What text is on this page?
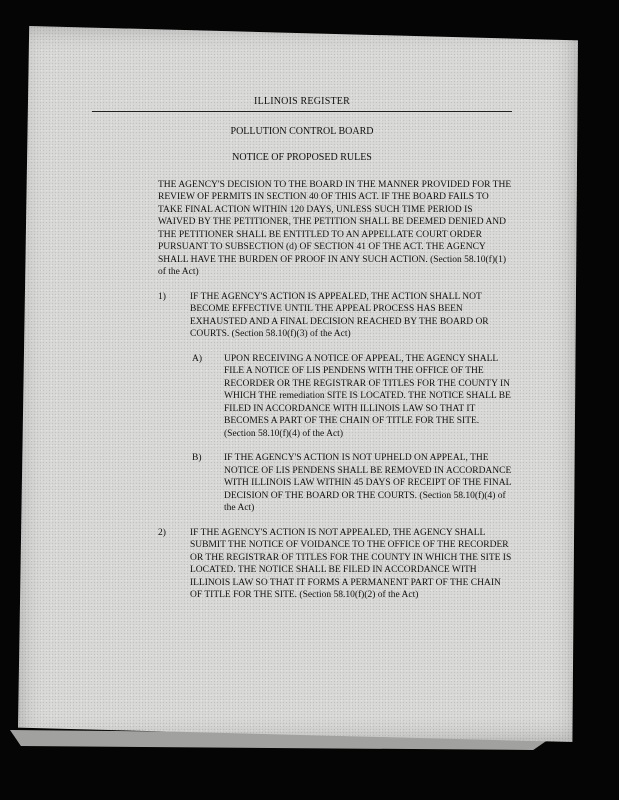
ILLINOIS REGISTER
POLLUTION CONTROL BOARD
NOTICE OF PROPOSED RULES
THE AGENCY'S DECISION TO THE BOARD IN THE MANNER PROVIDED FOR THE REVIEW OF PERMITS IN SECTION 40 OF THIS ACT. IF THE BOARD FAILS TO TAKE FINAL ACTION WITHIN 120 DAYS, UNLESS SUCH TIME PERIOD IS WAIVED BY THE PETITIONER, THE PETITION SHALL BE DEEMED DENIED AND THE PETITIONER SHALL BE ENTITLED TO AN APPELLATE COURT ORDER PURSUANT TO SUBSECTION (d) OF SECTION 41 OF THE ACT. THE AGENCY SHALL HAVE THE BURDEN OF PROOF IN ANY SUCH ACTION. (Section 58.10(f)(1) of the Act)
1)	IF THE AGENCY'S ACTION IS APPEALED, THE ACTION SHALL NOT BECOME EFFECTIVE UNTIL THE APPEAL PROCESS HAS BEEN EXHAUSTED AND A FINAL DECISION REACHED BY THE BOARD OR COURTS. (Section 58.10(f)(3) of the Act)
A) UPON RECEIVING A NOTICE OF APPEAL, THE AGENCY SHALL FILE A NOTICE OF LIS PENDENS WITH THE OFFICE OF THE RECORDER OR THE REGISTRAR OF TITLES FOR THE COUNTY IN WHICH THE remediation SITE IS LOCATED. THE NOTICE SHALL BE FILED IN ACCORDANCE WITH ILLINOIS LAW SO THAT IT BECOMES A PART OF THE CHAIN OF TITLE FOR THE SITE. (Section 58.10(f)(4) of the Act)
B) IF THE AGENCY'S ACTION IS NOT UPHELD ON APPEAL, THE NOTICE OF LIS PENDENS SHALL BE REMOVED IN ACCORDANCE WITH ILLINOIS LAW WITHIN 45 DAYS OF RECEIPT OF THE FINAL DECISION OF THE BOARD OR THE COURTS. (Section 58.10(f)(4) of the Act)
2)	IF THE AGENCY'S ACTION IS NOT APPEALED, THE AGENCY SHALL SUBMIT THE NOTICE OF VOIDANCE TO THE OFFICE OF THE RECORDER OR THE REGISTRAR OF TITLES FOR THE COUNTY IN WHICH THE SITE IS LOCATED. THE NOTICE SHALL BE FILED IN ACCORDANCE WITH ILLINOIS LAW SO THAT IT FORMS A PERMANENT PART OF THE CHAIN OF TITLE FOR THE SITE. (Section 58.10(f)(2) of the Act)
